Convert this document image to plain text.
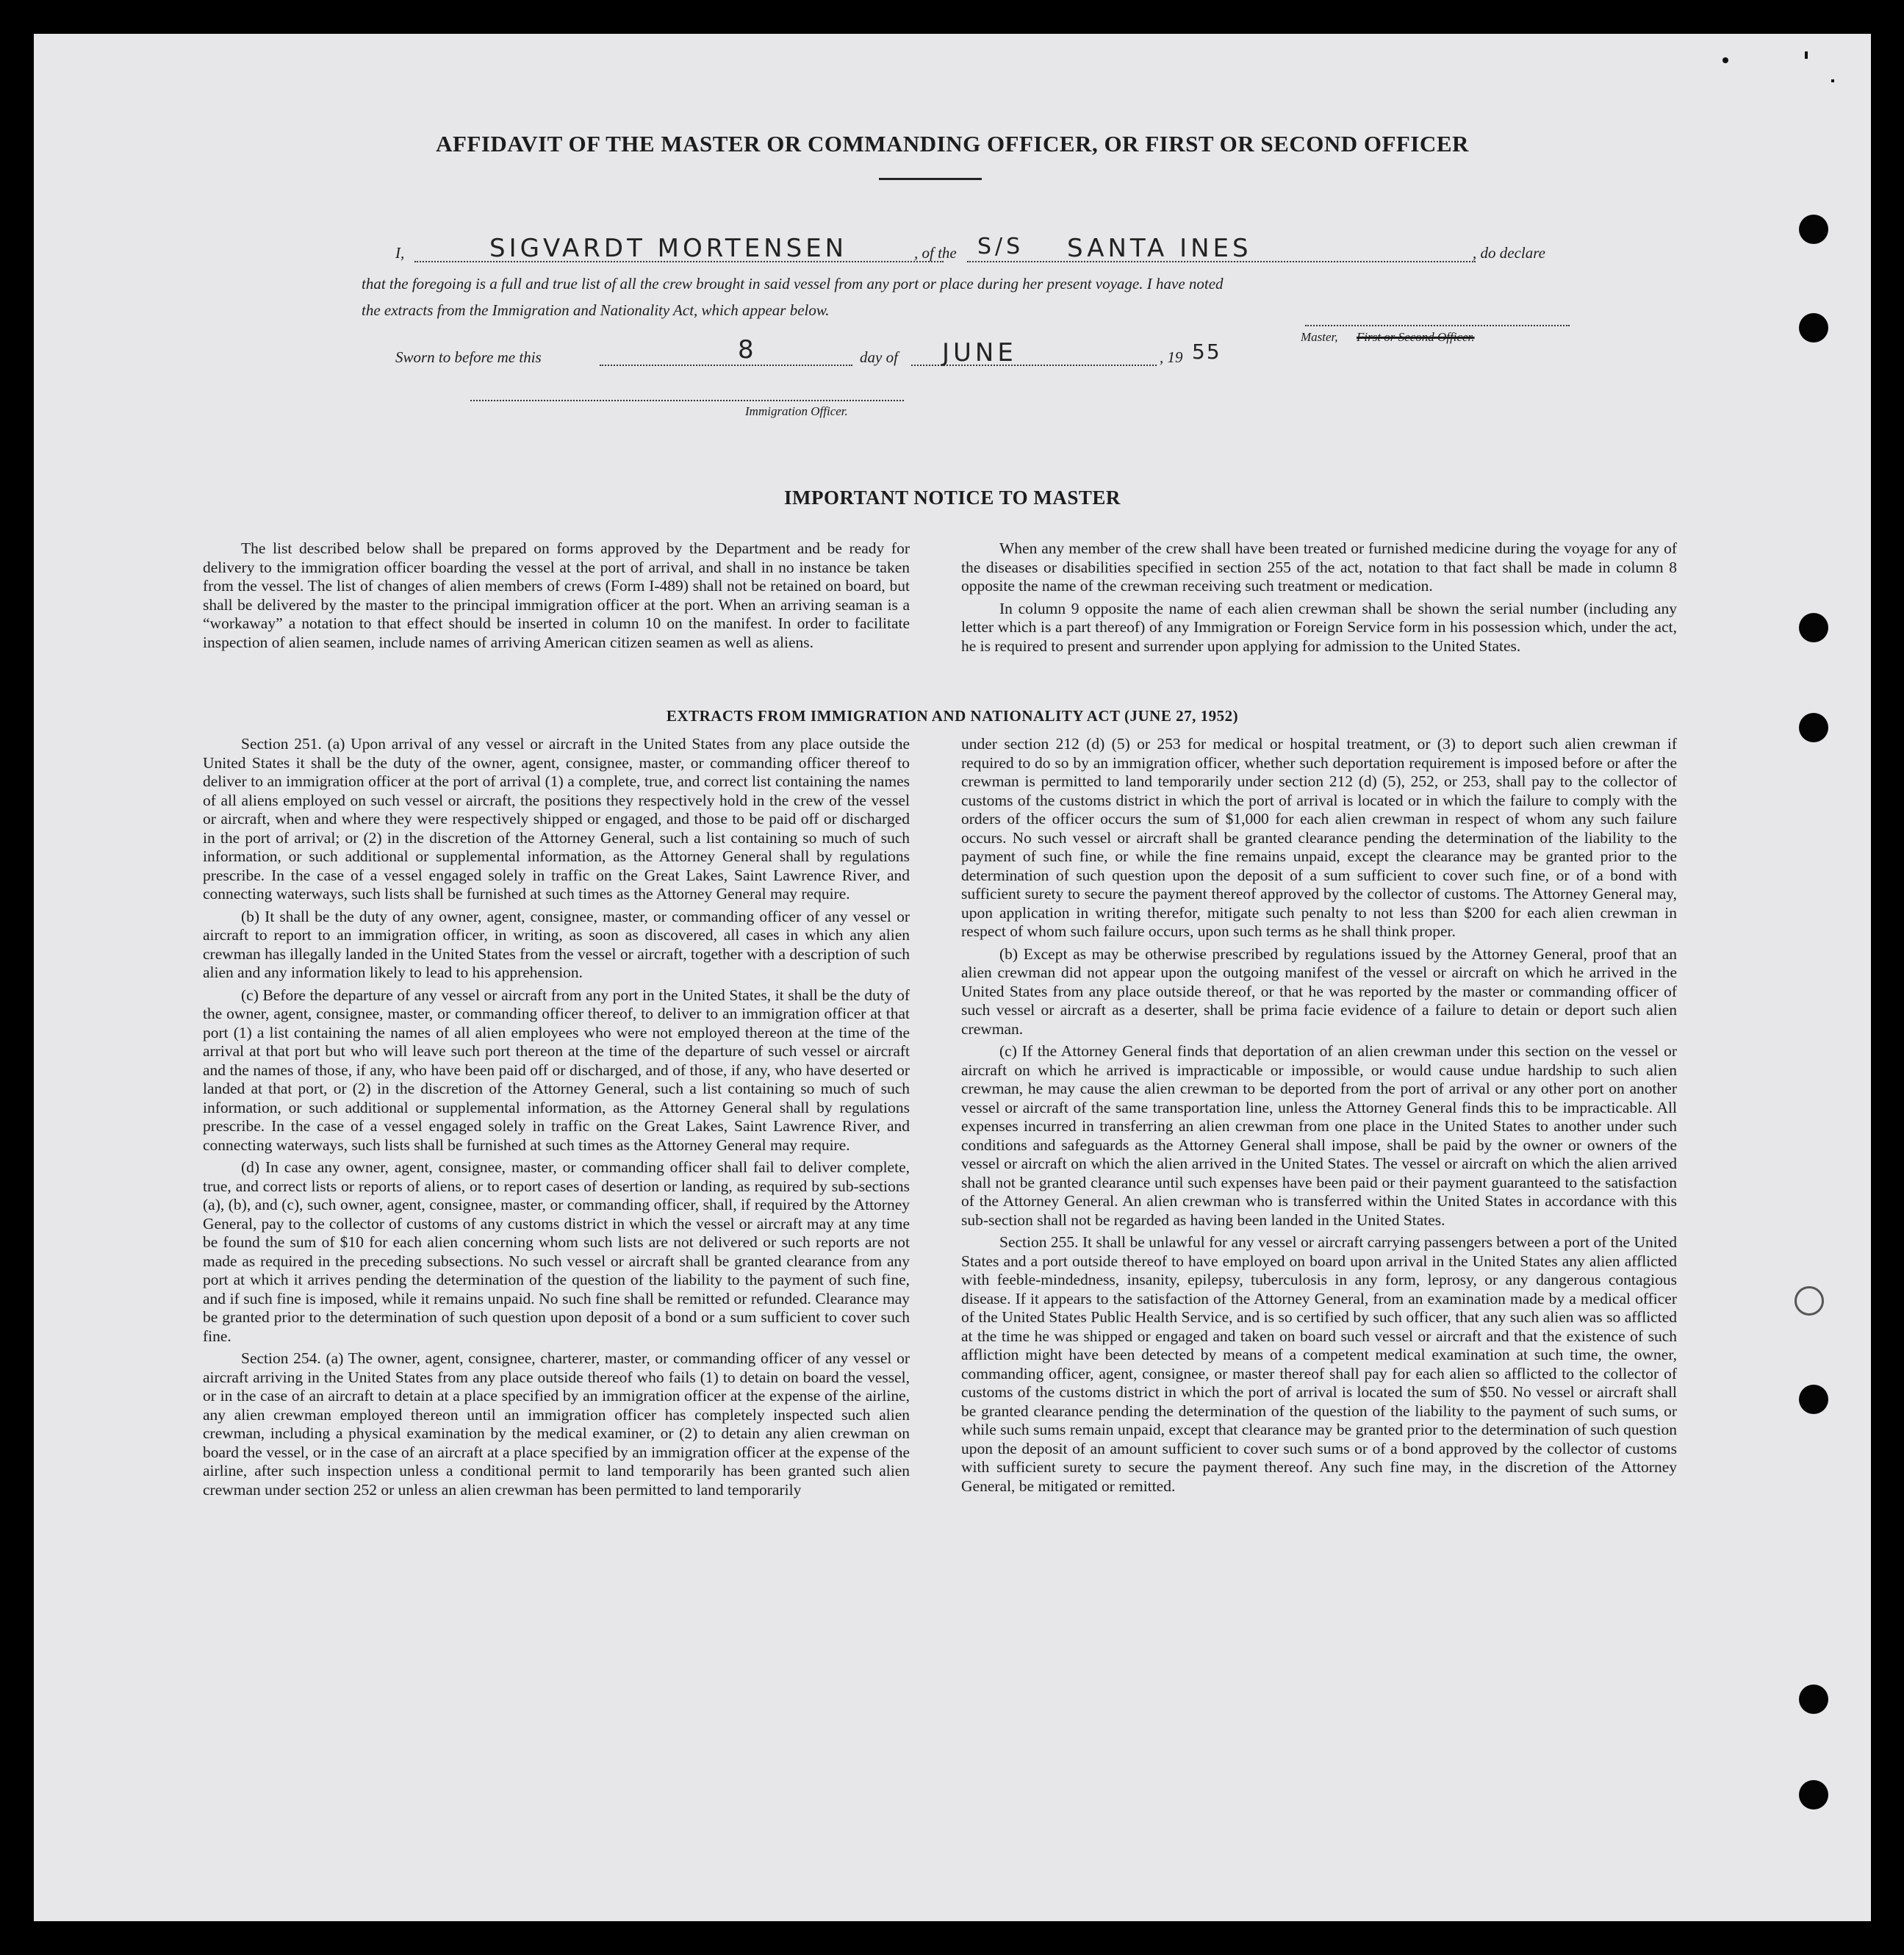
AFFIDAVIT OF THE MASTER OR COMMANDING OFFICER, OR FIRST OR SECOND OFFICER
I,	SIGVARDT MORTENSEN	, of the S/S SANTA INES	, do declare
that the foregoing is a full and true list of all the crew brought in said vessel from any port or place during her present voyage. I have noted
the extracts from the Immigration and Nationality Act, which appear below.
Master, First or Second Officer.
Sworn to before me this	8	day of JUNE	, 19 55
Immigration Officer.
IMPORTANT NOTICE TO MASTER

The list described below shall be prepared on forms approved by the Department and be ready for delivery to the immigration officer boarding the vessel at the port of arrival, and shall in no instance be taken from the vessel. The list of changes of alien members of crews (Form I-489) shall not be retained on board, but shall be delivered by the master to the principal immigration officer at the port. When an arriving seaman is a “workaway” a notation to that effect should be inserted in column 10 on the manifest. In order to facilitate inspection of alien seamen, include names of arriving American citizen seamen as well as aliens.

When any member of the crew shall have been treated or furnished medicine during the voyage for any of the diseases or disabilities specified in section 255 of the act, notation to that fact shall be made in column 8 opposite the name of the crewman receiving such treatment or medication.

In column 9 opposite the name of each alien crewman shall be shown the serial number (including any letter which is a part thereof) of any Immigration or Foreign Service form in his possession which, under the act, he is required to present and surrender upon applying for admission to the United States.

EXTRACTS FROM IMMIGRATION AND NATIONALITY ACT (JUNE 27, 1952)

Section 251. (a) Upon arrival of any vessel or aircraft in the United States from any place outside the United States it shall be the duty of the owner, agent, consignee, master, or commanding officer thereof to deliver to an immigration officer at the port of arrival (1) a complete, true, and correct list containing the names of all aliens employed on such vessel or aircraft, the positions they respectively hold in the crew of the vessel or aircraft, when and where they were respectively shipped or engaged, and those to be paid off or discharged in the port of arrival; or (2) in the discretion of the Attorney General, such a list containing so much of such information, or such additional or supplemental information, as the Attorney General shall by regulations prescribe. In the case of a vessel engaged solely in traffic on the Great Lakes, Saint Lawrence River, and connecting waterways, such lists shall be furnished at such times as the Attorney General may require.

(b) It shall be the duty of any owner, agent, consignee, master, or commanding officer of any vessel or aircraft to report to an immigration officer, in writing, as soon as discovered, all cases in which any alien crewman has illegally landed in the United States from the vessel or aircraft, together with a description of such alien and any information likely to lead to his apprehension.

(c) Before the departure of any vessel or aircraft from any port in the United States, it shall be the duty of the owner, agent, consignee, master, or commanding officer thereof, to deliver to an immigration officer at that port (1) a list containing the names of all alien employees who were not employed thereon at the time of the arrival at that port but who will leave such port thereon at the time of the departure of such vessel or aircraft and the names of those, if any, who have been paid off or discharged, and of those, if any, who have deserted or landed at that port, or (2) in the discretion of the Attorney General, such a list containing so much of such information, or such additional or supplemental information, as the Attorney General shall by regulations prescribe. In the case of a vessel engaged solely in traffic on the Great Lakes, Saint Lawrence River, and connecting waterways, such lists shall be furnished at such times as the Attorney General may require.

(d) In case any owner, agent, consignee, master, or commanding officer shall fail to deliver complete, true, and correct lists or reports of aliens, or to report cases of desertion or landing, as required by sub-sections (a), (b), and (c), such owner, agent, consignee, master, or commanding officer, shall, if required by the Attorney General, pay to the collector of customs of any customs district in which the vessel or aircraft may at any time be found the sum of $10 for each alien concerning whom such lists are not delivered or such reports are not made as required in the preceding subsections. No such vessel or aircraft shall be granted clearance from any port at which it arrives pending the determination of the question of the liability to the payment of such fine, and if such fine is imposed, while it remains unpaid. No such fine shall be remitted or refunded. Clearance may be granted prior to the determination of such question upon deposit of a bond or a sum sufficient to cover such fine.

Section 254. (a) The owner, agent, consignee, charterer, master, or commanding officer of any vessel or aircraft arriving in the United States from any place outside thereof who fails (1) to detain on board the vessel, or in the case of an aircraft to detain at a place specified by an immigration officer at the expense of the airline, any alien crewman employed thereon until an immigration officer has completely inspected such alien crewman, including a physical examination by the medical examiner, or (2) to detain any alien crewman on board the vessel, or in the case of an aircraft at a place specified by an immigration officer at the expense of the airline, after such inspection unless a conditional permit to land temporarily has been granted such alien crewman under section 252 or unless an alien crewman has been permitted to land temporarily

under section 212 (d) (5) or 253 for medical or hospital treatment, or (3) to deport such alien crewman if required to do so by an immigration officer, whether such deportation requirement is imposed before or after the crewman is permitted to land temporarily under section 212 (d) (5), 252, or 253, shall pay to the collector of customs of the customs district in which the port of arrival is located or in which the failure to comply with the orders of the officer occurs the sum of $1,000 for each alien crewman in respect of whom any such failure occurs. No such vessel or aircraft shall be granted clearance pending the determination of the liability to the payment of such fine, or while the fine remains unpaid, except the clearance may be granted prior to the determination of such question upon the deposit of a sum sufficient to cover such fine, or of a bond with sufficient surety to secure the payment thereof approved by the collector of customs. The Attorney General may, upon application in writing therefor, mitigate such penalty to not less than $200 for each alien crewman in respect of whom such failure occurs, upon such terms as he shall think proper.

(b) Except as may be otherwise prescribed by regulations issued by the Attorney General, proof that an alien crewman did not appear upon the outgoing manifest of the vessel or aircraft on which he arrived in the United States from any place outside thereof, or that he was reported by the master or commanding officer of such vessel or aircraft as a deserter, shall be prima facie evidence of a failure to detain or deport such alien crewman.

(c) If the Attorney General finds that deportation of an alien crewman under this section on the vessel or aircraft on which he arrived is impracticable or impossible, or would cause undue hardship to such alien crewman, he may cause the alien crewman to be deported from the port of arrival or any other port on another vessel or aircraft of the same transportation line, unless the Attorney General finds this to be impracticable. All expenses incurred in transferring an alien crewman from one place in the United States to another under such conditions and safeguards as the Attorney General shall impose, shall be paid by the owner or owners of the vessel or aircraft on which the alien arrived in the United States. The vessel or aircraft on which the alien arrived shall not be granted clearance until such expenses have been paid or their payment guaranteed to the satisfaction of the Attorney General. An alien crewman who is transferred within the United States in accordance with this sub-section shall not be regarded as having been landed in the United States.

Section 255. It shall be unlawful for any vessel or aircraft carrying passengers between a port of the United States and a port outside thereof to have employed on board upon arrival in the United States any alien afflicted with feeble-mindedness, insanity, epilepsy, tuberculosis in any form, leprosy, or any dangerous contagious disease. If it appears to the satisfaction of the Attorney General, from an examination made by a medical officer of the United States Public Health Service, and is so certified by such officer, that any such alien was so afflicted at the time he was shipped or engaged and taken on board such vessel or aircraft and that the existence of such affliction might have been detected by means of a competent medical examination at such time, the owner, commanding officer, agent, consignee, or master thereof shall pay for each alien so afflicted to the collector of customs of the customs district in which the port of arrival is located the sum of $50. No vessel or aircraft shall be granted clearance pending the determination of the question of the liability to the payment of such sums, or while such sums remain unpaid, except that clearance may be granted prior to the determination of such question upon the deposit of an amount sufficient to cover such sums or of a bond approved by the collector of customs with sufficient surety to secure the payment thereof. Any such fine may, in the discretion of the Attorney General, be mitigated or remitted.
